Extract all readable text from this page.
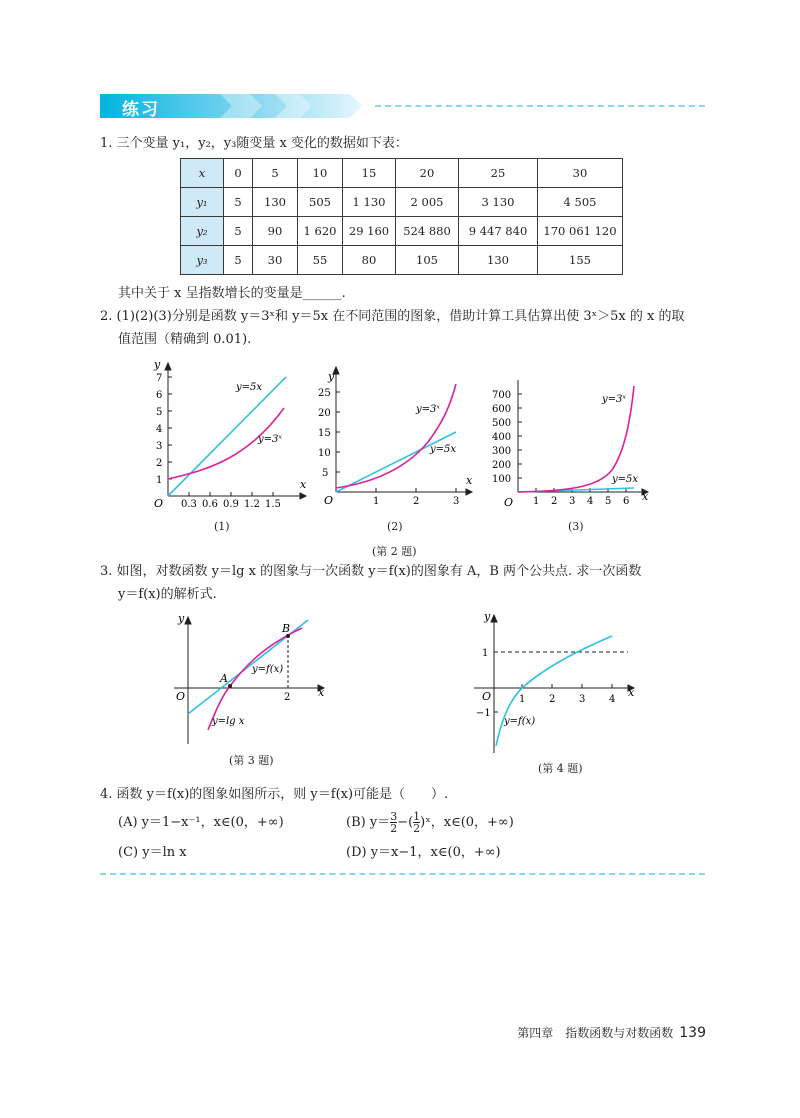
练习
1. 三个变量 y₁，y₂，y₃随变量 x 变化的数据如下表：
x	0	5	10	15	20	25	30
y₁	5	130	505	1 130	2 005	3 130	4 505
y₂	5	90	1 620	29 160	524 880	9 447 840	170 061 120
y₃	5	30	55	80	105	130	155
其中关于 x 呈指数增长的变量是______.
2. (1)(2)(3)分别是函数 y＝3ˣ和 y＝5x 在不同范围的图象，借助计算工具估算出使 3ˣ＞5x 的 x 的取
值范围（精确到 0.01).
y
x
O 0.3 0.6 0.9 1.2 1.5
1
2
3
4
5
6
7
y=5x
y=3ˣ
(1)
y
x
O	1	2	3
5
10
15
20
25
y=3ˣ
y=5x
(2)
O	x
1 2 3 4 5 6
100
200
300
400
500
600
700	y=3ˣ
y=5x
(3)
(第 2 题)
3. 如图，对数函数 y＝lg x 的图象与一次函数 y＝f(x)的图象有 A，B 两个公共点. 求一次函数
y＝f(x)的解析式.
y
x
O	2
A
B
y=f(x)
y=lg x
(第 3 题)
y
x
O	1 2 3 4
1
−1
y=f(x)
(第 4 题)
4. 函数 y＝f(x)的图象如图所示，则 y＝f(x)可能是（　　）.
(A) y＝1−x⁻¹，x∈(0，+∞)	(B) $y= \frac{3}{2}$ −( $\frac{1}{2}$ )ˣ，x∈(0，+∞)
(C) y＝ln x	(D) y＝x−1，x∈(0，+∞)
第四章　指数函数与对数函数 139
